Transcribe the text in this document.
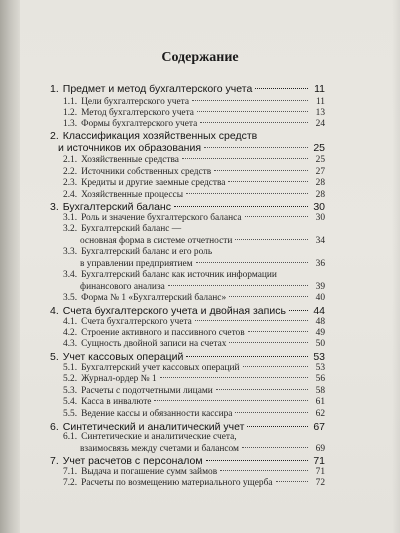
Содержание
1. Предмет и метод бухгалтерского учета	11
1.1. Цели бухгалтерского учета	11
1.2. Метод бухгалтерского учета	13
1.3. Формы бухгалтерского учета	24
2. Классификация хозяйственных средств
и источников их образования	25
2.1. Хозяйственные средства	25
2.2. Источники собственных средств	27
2.3. Кредиты и другие заемные средства	28
2.4. Хозяйственные процессы	28
3. Бухгалтерский баланс	30
3.1. Роль и значение бухгалтерского баланса	30
3.2. Бухгалтерский баланс —
основная форма в системе отчетности	34
3.3. Бухгалтерский баланс и его роль
в управлении предприятием	36
3.4. Бухгалтерский баланс как источник информации
финансового анализа	39
3.5. Форма № 1 «Бухгалтерский баланс»	40
4. Счета бухгалтерского учета и двойная запись	44
4.1. Счета бухгалтерского учета	48
4.2. Строение активного и пассивного счетов	49
4.3. Сущность двойной записи на счетах	50
5. Учет кассовых операций	53
5.1. Бухгалтерский учет кассовых операций	53
5.2. Журнал-ордер № 1	56
5.3. Расчеты с подотчетными лицами	58
5.4. Касса в инвалюте	61
5.5. Ведение кассы и обязанности кассира	62
6. Синтетический и аналитический учет	67
6.1. Синтетические и аналитические счета,
взаимосвязь между счетами и балансом	69
7. Учет расчетов с персоналом	71
7.1. Выдача и погашение сумм займов	71
7.2. Расчеты по возмещению материального ущерба	72
